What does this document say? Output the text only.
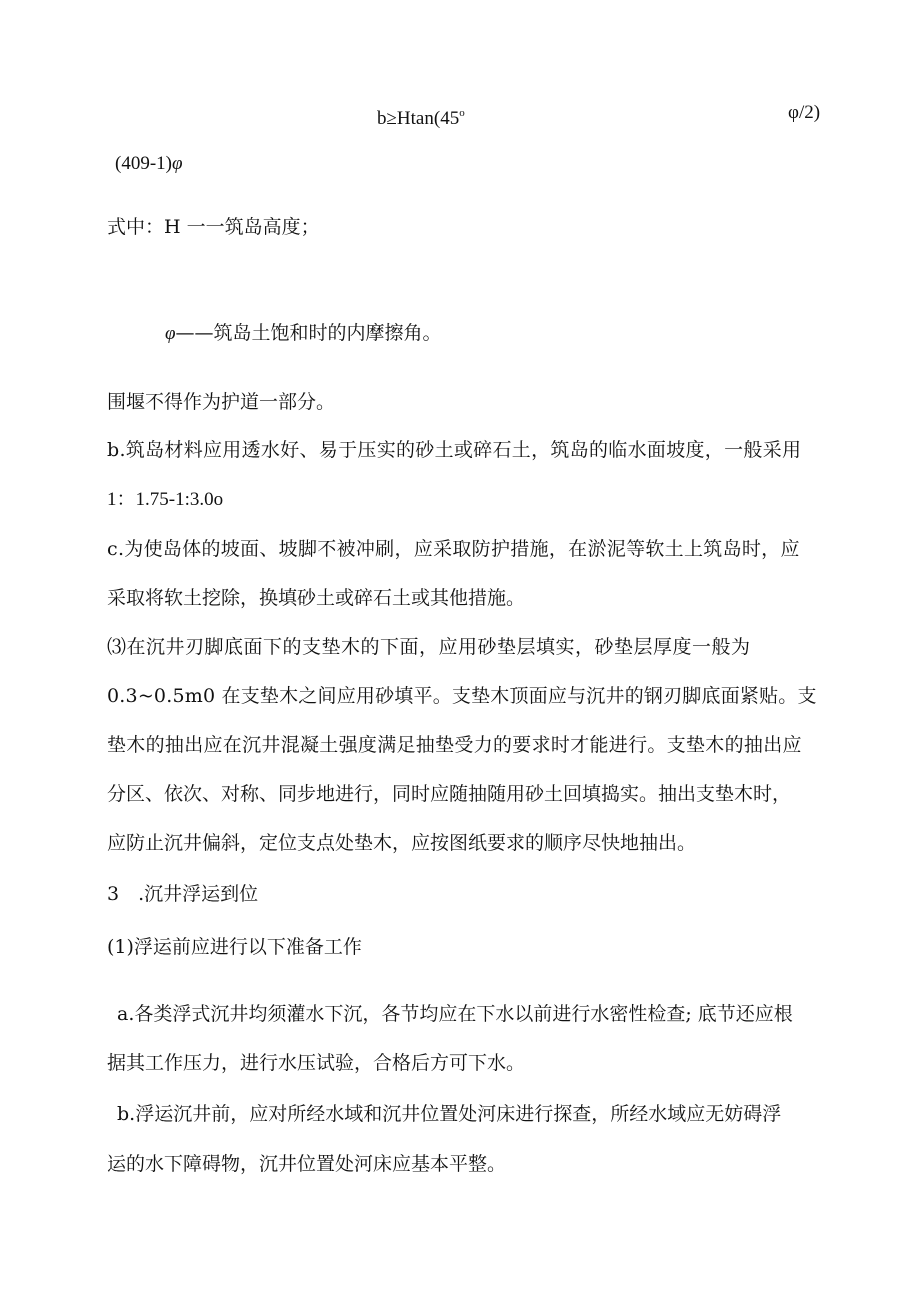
$b\ge Htan(45^o$	φ/2)
(409-1)φ
式中：H 一一筑岛高度；
φ——筑岛土饱和时的内摩擦角。
围堰不得作为护道一部分。
b.筑岛材料应用透水好、易于压实的砂土或碎石土，筑岛的临水面坡度，一般采用
1：1.75-1:3.0o
c.为使岛体的坡面、坡脚不被冲刷，应采取防护措施，在淤泥等软土上筑岛时，应
采取将软土挖除，换填砂土或碎石土或其他措施。
⑶在沉井刃脚底面下的支垫木的下面，应用砂垫层填实，砂垫层厚度一般为
0.3~0.5m0 在支垫木之间应用砂填平。支垫木顶面应与沉井的钢刃脚底面紧贴。支
垫木的抽出应在沉井混凝土强度满足抽垫受力的要求时才能进行。支垫木的抽出应
分区、依次、对称、同步地进行，同时应随抽随用砂土回填捣实。抽出支垫木时，
应防止沉井偏斜，定位支点处垫木，应按图纸要求的顺序尽快地抽出。
3　.沉井浮运到位
(1)浮运前应进行以下准备工作
a.各类浮式沉井均须灌水下沉，各节均应在下水以前进行水密性检查; 底节还应根
据其工作压力，进行水压试验，合格后方可下水。
b.浮运沉井前，应对所经水域和沉井位置处河床进行探查，所经水域应无妨碍浮
运的水下障碍物，沉井位置处河床应基本平整。
